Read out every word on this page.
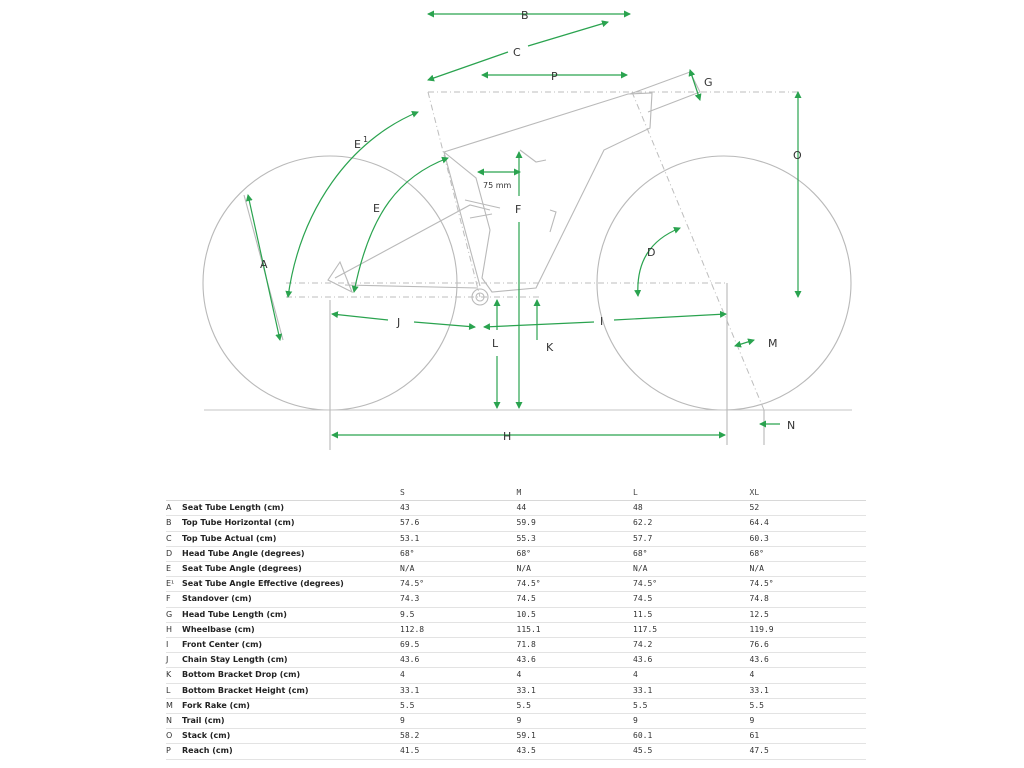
B
C
P	G
O
E 1
E
A
F
75 mm
D
J	I
K
L	M
H
N
		S	M	L	XL
A	Seat Tube Length (cm)	43	44	48	52
B	Top Tube Horizontal (cm)	57.6	59.9	62.2	64.4
C	Top Tube Actual (cm)	53.1	55.3	57.7	60.3
D	Head Tube Angle (degrees)	68°	68°	68°	68°
E	Seat Tube Angle (degrees)	N/A	N/A	N/A	N/A
E¹	Seat Tube Angle Effective (degrees)	74.5°	74.5°	74.5°	74.5°
F	Standover (cm)	74.3	74.5	74.5	74.8
G	Head Tube Length (cm)	9.5	10.5	11.5	12.5
H	Wheelbase (cm)	112.8	115.1	117.5	119.9
I	Front Center (cm)	69.5	71.8	74.2	76.6
J	Chain Stay Length (cm)	43.6	43.6	43.6	43.6
K	Bottom Bracket Drop (cm)	4	4	4	4
L	Bottom Bracket Height (cm)	33.1	33.1	33.1	33.1
M	Fork Rake (cm)	5.5	5.5	5.5	5.5
N	Trail (cm)	9	9	9	9
O	Stack (cm)	58.2	59.1	60.1	61
P	Reach (cm)	41.5	43.5	45.5	47.5
